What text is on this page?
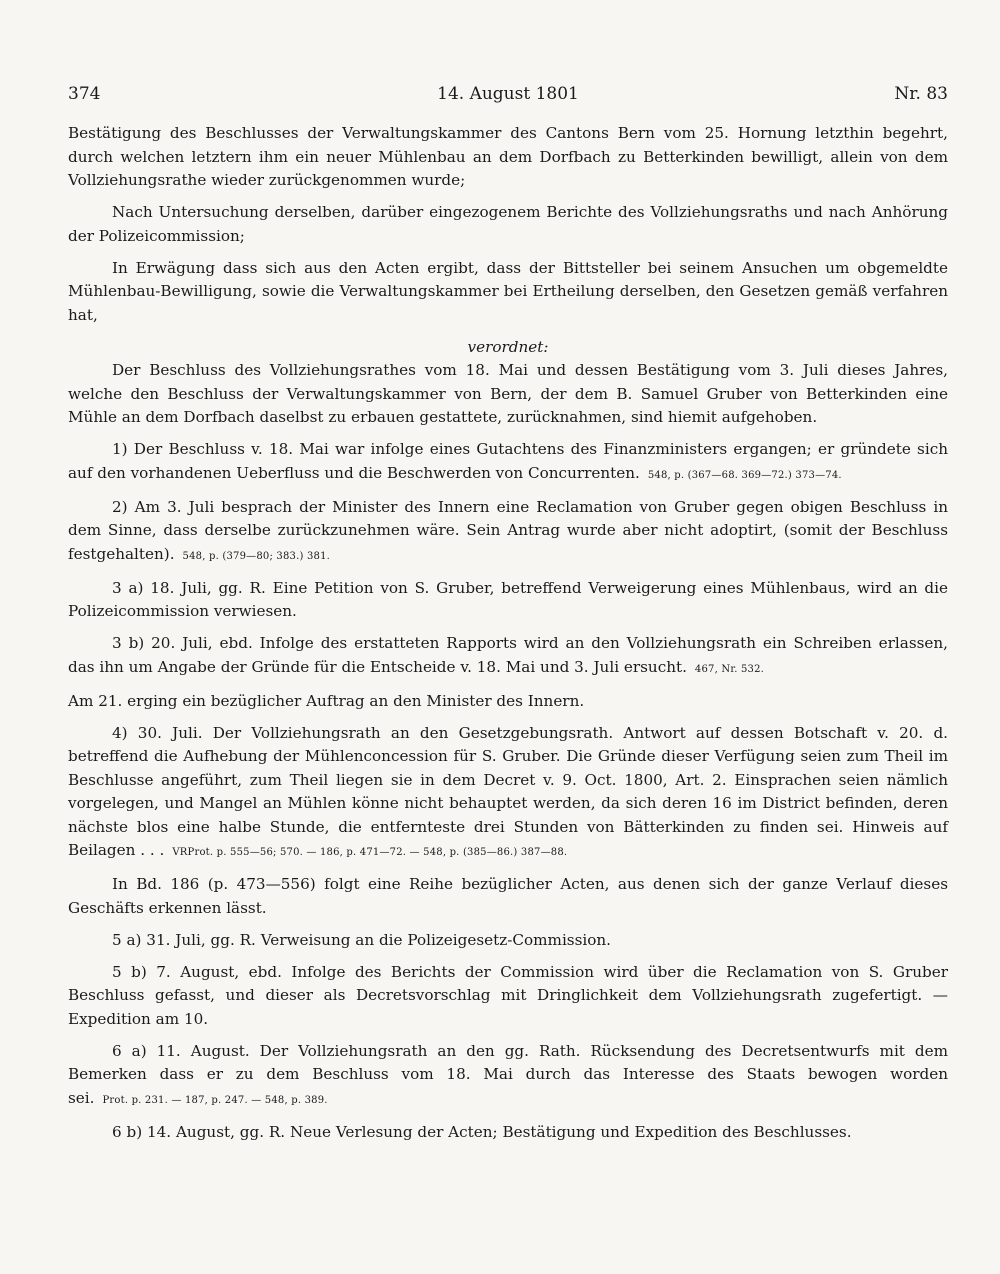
374	14. August 1801	Nr. 83

Bestätigung des Beschlusses der Verwaltungskammer des Cantons Bern vom 25. Hornung letzthin begehrt, durch welchen letztern ihm ein neuer Mühlenbau an dem Dorfbach zu Betterkinden bewilligt, allein von dem Vollziehungsrathe wieder zurückgenommen wurde;

Nach Untersuchung derselben, darüber eingezogenem Berichte des Vollziehungsraths und nach Anhörung der Polizeicommission;

In Erwägung dass sich aus den Acten ergibt, dass der Bittsteller bei seinem Ansuchen um obgemeldte Mühlenbau-Bewilligung, sowie die Verwaltungskammer bei Ertheilung derselben, den Gesetzen gemäß verfahren hat,

verordnet:

Der Beschluss des Vollziehungsrathes vom 18. Mai und dessen Bestätigung vom 3. Juli dieses Jahres, welche den Beschluss der Verwaltungskammer von Bern, der dem B. Samuel Gruber von Betterkinden eine Mühle an dem Dorfbach daselbst zu erbauen gestattete, zurücknahmen, sind hiemit aufgehoben.

1) Der Beschluss v. 18. Mai war infolge eines Gutachtens des Finanzministers ergangen; er gründete sich auf den vorhandenen Ueberfluss und die Beschwerden von Concurrenten. 548, p. (367—68. 369—72.) 373—74.

2) Am 3. Juli besprach der Minister des Innern eine Reclamation von Gruber gegen obigen Beschluss in dem Sinne, dass derselbe zurückzunehmen wäre. Sein Antrag wurde aber nicht adoptirt, (somit der Beschluss festgehalten). 548, p. (379—80; 383.) 381.

3 a) 18. Juli, gg. R. Eine Petition von S. Gruber, betreffend Verweigerung eines Mühlenbaus, wird an die Polizeicommission verwiesen.

3 b) 20. Juli, ebd. Infolge des erstatteten Rapports wird an den Vollziehungsrath ein Schreiben erlassen, das ihn um Angabe der Gründe für die Entscheide v. 18. Mai und 3. Juli ersucht. 467, Nr. 532.

Am 21. erging ein bezüglicher Auftrag an den Minister des Innern.

4) 30. Juli. Der Vollziehungsrath an den Gesetzgebungsrath. Antwort auf dessen Botschaft v. 20. d. betreffend die Aufhebung der Mühlenconcession für S. Gruber. Die Gründe dieser Verfügung seien zum Theil im Beschlusse angeführt, zum Theil liegen sie in dem Decret v. 9. Oct. 1800, Art. 2. Einsprachen seien nämlich vorgelegen, und Mangel an Mühlen könne nicht behauptet werden, da sich deren 16 im District befinden, deren nächste blos eine halbe Stunde, die entfernteste drei Stunden von Bätterkinden zu finden sei. Hinweis auf Beilagen . . . VRProt. p. 555—56; 570. — 186, p. 471—72. — 548, p. (385—86.) 387—88.

In Bd. 186 (p. 473—556) folgt eine Reihe bezüglicher Acten, aus denen sich der ganze Verlauf dieses Geschäfts erkennen lässt.

5 a) 31. Juli, gg. R. Verweisung an die Polizeigesetz-Commission.

5 b) 7. August, ebd. Infolge des Berichts der Commission wird über die Reclamation von S. Gruber Beschluss gefasst, und dieser als Decretsvorschlag mit Dringlichkeit dem Vollziehungsrath zugefertigt. — Expedition am 10.

6 a) 11. August. Der Vollziehungsrath an den gg. Rath. Rücksendung des Decretsentwurfs mit dem Bemerken dass er zu dem Beschluss vom 18. Mai durch das Interesse des Staats bewogen worden sei. Prot. p. 231. — 187, p. 247. — 548, p. 389.

6 b) 14. August, gg. R. Neue Verlesung der Acten; Bestätigung und Expedition des Beschlusses.
